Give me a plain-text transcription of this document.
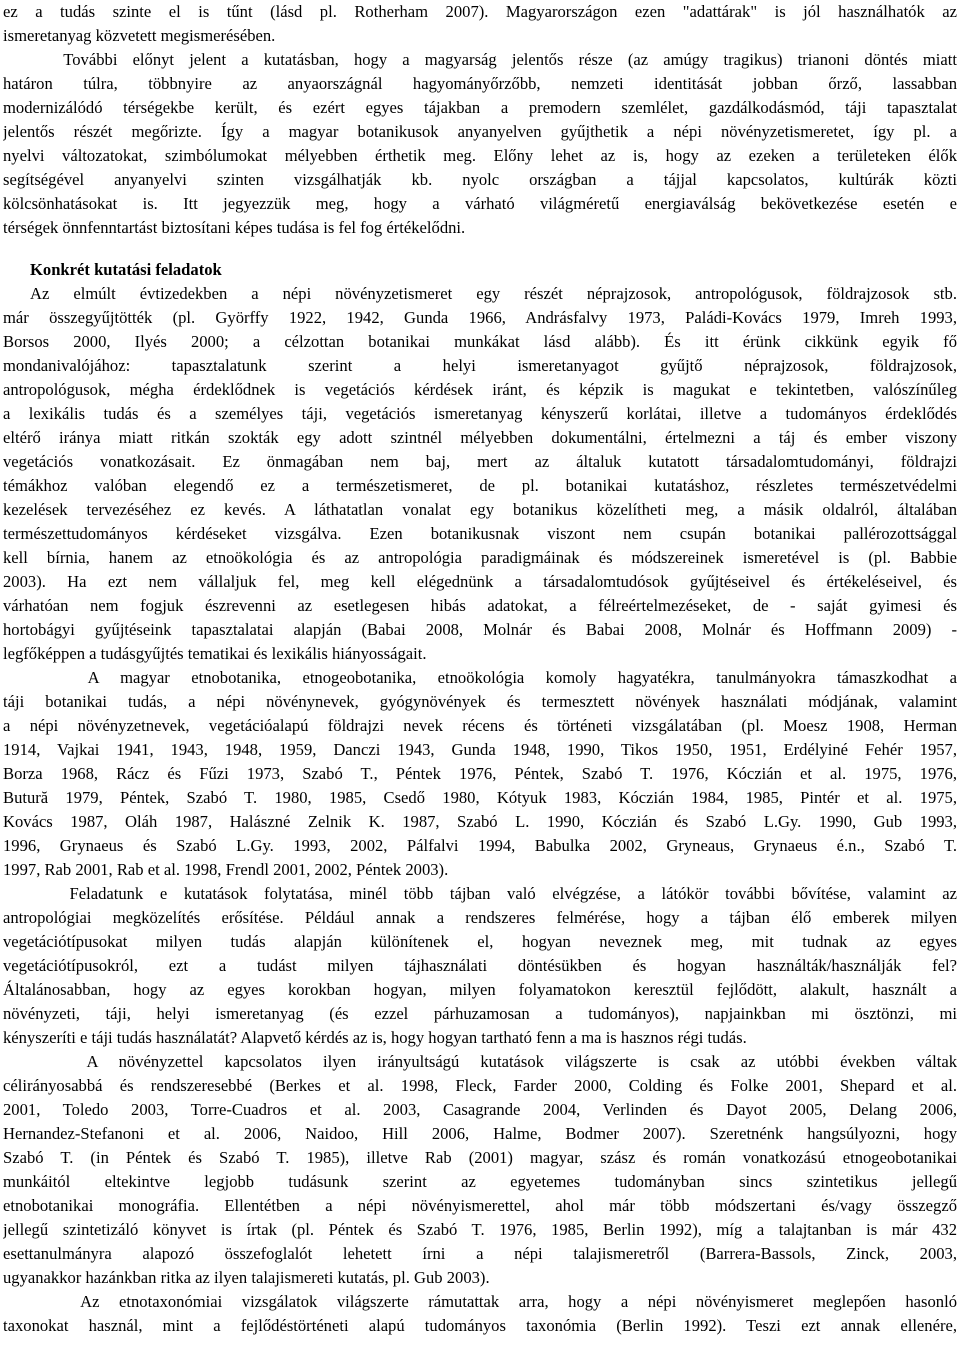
ez a tudás szinte el is tűnt (lásd pl. Rotherham 2007). Magyarországon ezen "adattárak" is jól használhatók az
ismeretanyag közvetett megismerésében.
További előnyt jelent a kutatásban, hogy a magyarság jelentős része (az amúgy tragikus) trianoni döntés miatt
határon túlra, többnyire az anyaországnál hagyományőrzőbb, nemzeti identitását jobban őrző, lassabban
modernizálódó térségekbe került, és ezért egyes tájakban a premodern szemlélet, gazdálkodásmód, táji tapasztalat
jelentős részét megőrizte. Így a magyar botanikusok anyanyelven gyűjthetik a népi növényzetismeretet, így pl. a
nyelvi változatokat, szimbólumokat mélyebben érthetik meg. Előny lehet az is, hogy az ezeken a területeken élők
segítségével anyanyelvi szinten vizsgálhatják kb. nyolc országban a tájjal kapcsolatos, kultúrák közti
kölcsönhatásokat is. Itt jegyezzük meg, hogy a várható világméretű energiaválság bekövetkezése esetén e
térségek önnfenntartást biztosítani képes tudása is fel fog értékelődni.
Konkrét kutatási feladatok
Az elmúlt évtizedekben a népi növényzetismeret egy részét néprajzosok, antropológusok, földrajzosok stb.
már összegyűjtötték (pl. Györffy 1922, 1942, Gunda 1966, Andrásfalvy 1973, Paládi-Kovács 1979, Imreh 1993,
Borsos 2000, Ilyés 2000; a célzottan botanikai munkákat lásd alább). És itt érünk cikkünk egyik fő
mondanivalójához: tapasztalatunk szerint a helyi ismeretanyagot gyűjtő néprajzosok, földrajzosok,
antropológusok, mégha érdeklődnek is vegetációs kérdések iránt, és képzik is magukat e tekintetben, valószínűleg
a lexikális tudás és a személyes táji, vegetációs ismeretanyag kényszerű korlátai, illetve a tudományos érdeklődés
eltérő iránya miatt ritkán szokták egy adott szintnél mélyebben dokumentálni, értelmezni a táj és ember viszony
vegetációs vonatkozásait. Ez önmagában nem baj, mert az általuk kutatott társadalomtudományi, földrajzi
témákhoz valóban elegendő ez a természetismeret, de pl. botanikai kutatáshoz, részletes természetvédelmi
kezelések tervezéséhez ez kevés. A láthatatlan vonalat egy botanikus közelítheti meg, a másik oldalról, általában
természettudományos kérdéseket vizsgálva. Ezen botanikusnak viszont nem csupán botanikai pallérozottsággal
kell bírnia, hanem az etnoökológia és az antropológia paradigmáinak és módszereinek ismeretével is (pl. Babbie
2003). Ha ezt nem vállaljuk fel, meg kell elégednünk a társadalomtudósok gyűjtéseivel és értékeléseivel, és
várhatóan nem fogjuk észrevenni az esetlegesen hibás adatokat, a félreértelmezéseket, de - saját gyimesi és
hortobágyi gyűjtéseink tapasztalatai alapján (Babai 2008, Molnár és Babai 2008, Molnár és Hoffmann 2009) -
legfőképpen a tudásgyűjtés tematikai és lexikális hiányosságait.
A magyar etnobotanika, etnogeobotanika, etnoökológia komoly hagyatékra, tanulmányokra támaszkodhat a
táji botanikai tudás, a népi növénynevek, gyógynövények és termesztett növények használati módjának, valamint
a népi növényzetnevek, vegetációalapú földrajzi nevek récens és történeti vizsgálatában (pl. Moesz 1908, Herman
1914, Vajkai 1941, 1943, 1948, 1959, Danczi 1943, Gunda 1948, 1990, Tikos 1950, 1951, Erdélyiné Fehér 1957,
Borza 1968, Rácz és Fűzi 1973, Szabó T., Péntek 1976, Péntek, Szabó T. 1976, Kóczián et al. 1975, 1976,
Butură 1979, Péntek, Szabó T. 1980, 1985, Csedő 1980, Kótyuk 1983, Kóczián 1984, 1985, Pintér et al. 1975,
Kovács 1987, Oláh 1987, Halászné Zelnik K. 1987, Szabó L. 1990, Kóczián és Szabó L.Gy. 1990, Gub 1993,
1996, Grynaeus és Szabó L.Gy. 1993, 2002, Pálfalvi 1994, Babulka 2002, Gryneaus, Grynaeus é.n., Szabó T.
1997, Rab 2001, Rab et al. 1998, Frendl 2001, 2002, Péntek 2003).
Feladatunk e kutatások folytatása, minél több tájban való elvégzése, a látókör további bővítése, valamint az
antropológiai megközelítés erősítése. Például annak a rendszeres felmérése, hogy a tájban élő emberek milyen
vegetációtípusokat milyen tudás alapján különítenek el, hogyan neveznek meg, mit tudnak az egyes
vegetációtípusokról, ezt a tudást milyen tájhasználati döntésükben és hogyan használták/használják fel?
Általánosabban, hogy az egyes korokban hogyan, milyen folyamatokon keresztül fejlődött, alakult, használt a
növényzeti, táji, helyi ismeretanyag (és ezzel párhuzamosan a tudományos), napjainkban mi ösztönzi, mi
kényszeríti e táji tudás használatát? Alapvető kérdés az is, hogy hogyan tartható fenn a ma is hasznos régi tudás.
A növényzettel kapcsolatos ilyen irányultságú kutatások világszerte is csak az utóbbi években váltak
célirányosabbá és rendszeresebbé (Berkes et al. 1998, Fleck, Farder 2000, Colding és Folke 2001, Shepard et al.
2001, Toledo 2003, Torre-Cuadros et al. 2003, Casagrande 2004, Verlinden és Dayot 2005, Delang 2006,
Hernandez-Stefanoni et al. 2006, Naidoo, Hill 2006, Halme, Bodmer 2007). Szeretnénk hangsúlyozni, hogy
Szabó T. (in Péntek és Szabó T. 1985), illetve Rab (2001) magyar, szász és román vonatkozású etnogeobotanikai
munkáitól eltekintve legjobb tudásunk szerint az egyetemes tudományban sincs szintetikus jellegű
etnobotanikai monográfia. Ellentétben a népi növényismerettel, ahol már több módszertani és/vagy összegző
jellegű szintetizáló könyvet is írtak (pl. Péntek és Szabó T. 1976, 1985, Berlin 1992), míg a talajtanban is már 432
esettanulmányra alapozó összefoglalót lehetett írni a népi talajismeretről (Barrera-Bassols, Zinck, 2003,
ugyanakkor hazánkban ritka az ilyen talajismereti kutatás, pl. Gub 2003).
Az etnotaxonómiai vizsgálatok világszerte rámutattak arra, hogy a népi növényismeret meglepően hasonló
taxonokat használ, mint a fejlődéstörténeti alapú tudományos taxonómia (Berlin 1992). Teszi ezt annak ellenére,
